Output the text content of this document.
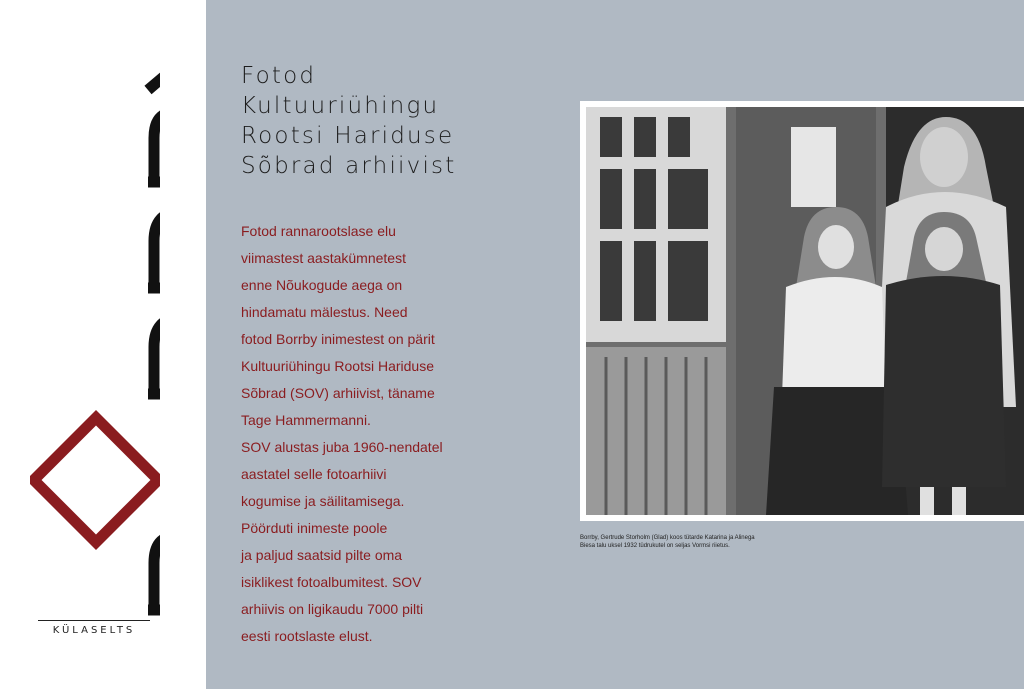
KÜLASELTS
Fotod
Kultuuriühingu
Rootsi Hariduse
Sõbrad arhiivist

Fotod rannarootslase elu
viimastest aastakümnetest
enne Nõukogude aega on
hindamatu mälestus. Need
fotod Borrby inimestest on pärit
Kultuuriühingu Rootsi Hariduse
Sõbrad (SOV) arhiivist, täname
Tage Hammermanni.
SOV alustas juba 1960-nendatel
aastatel selle fotoarhiivi
kogumise ja säilitamisega.
Pöörduti inimeste poole
ja paljud saatsid pilte oma
isiklikest fotoalbumitest. SOV
arhiivis on ligikaudu 7000 pilti
eesti rootslaste elust.

Borrby, Gertrude Storholm (Glad) koos tütarde Katarina ja Alinega
Biesa talu uksel 1932 tüdrukutel on seljas Vormsi riietus.
